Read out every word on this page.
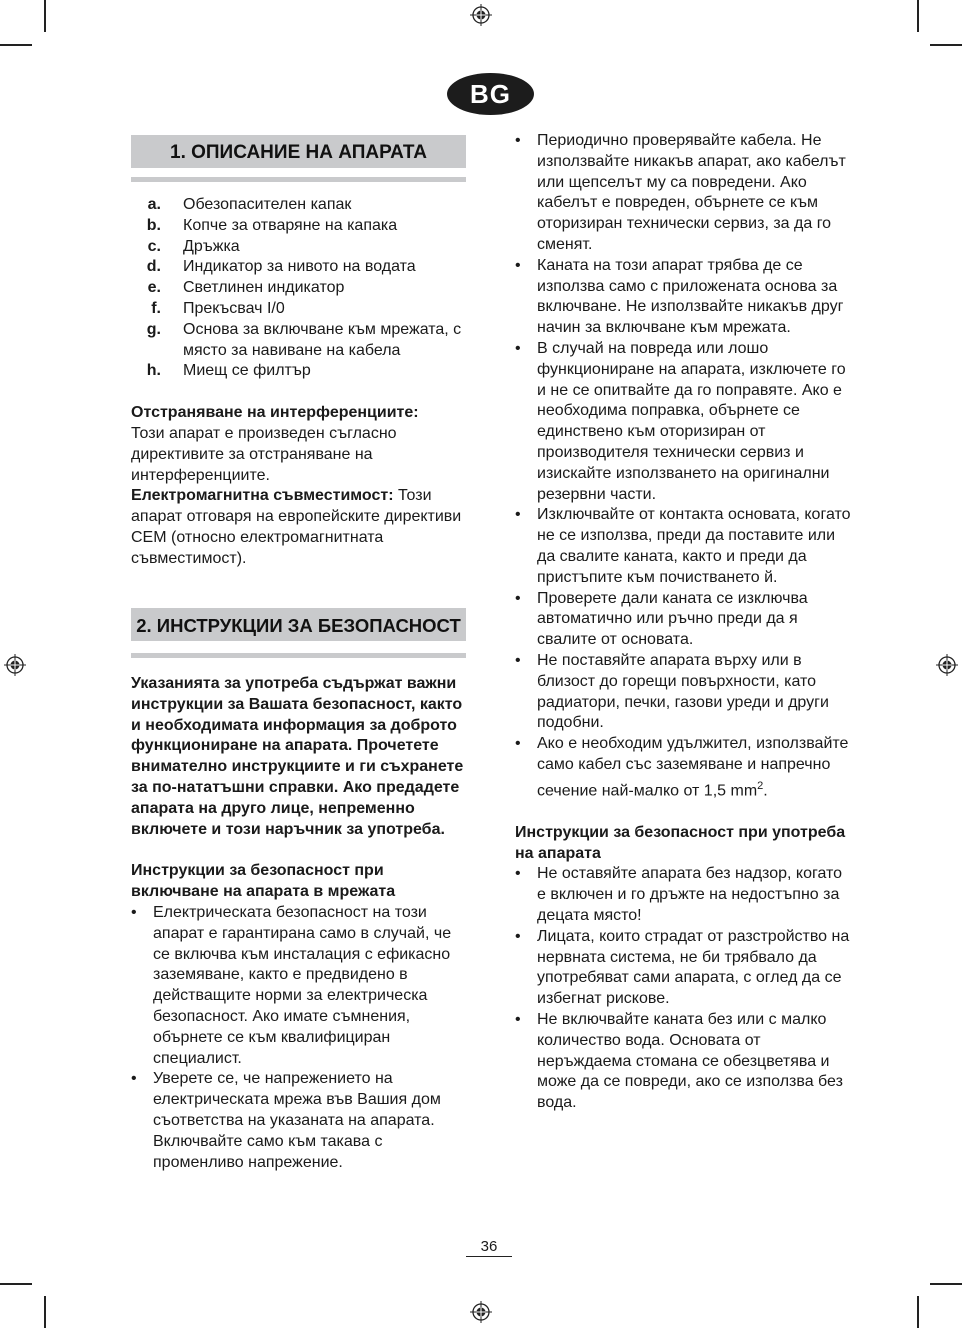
BG
1. ОПИСАНИЕ НА АПАРАТА
a.	Обезопасителен капак
b.	Копче за отваряне на капака
c.	Дръжка
d.	Индикатор за нивото на водата
e.	Светлинен индикатор
f.	Прекъсвач I/0
g.	Основа за включване към мрежата, с място за навиване на кабела
h.	Миещ се филтър

Отстраняване на интерференциите:
Този апарат е произведен съгласно директивите за отстраняване на интерференциите.

Електромагнитна съвместимост: Този апарат отговаря на европейските директиви CEM (относно електромагнитната съвместимост).

2. ИНСТРУКЦИИ ЗА БЕЗОПАСНОСТ

Указанията за употреба съдържат важни инструкции за Вашата безопасност, както и необходимата информация за доброто функциониране на апарата. Прочетете внимателно инструкциите и ги съхранете за по-нататъшни справки. Ако предадете апарата на друго лице, непременно включете и този наръчник за употреба.

Инструкции за безопасност при включване на апарата в мрежата

• Електрическата безопасност на този апарат е гарантирана само в случай, че се включва към инсталация с ефикасно заземяване, както е предвидено в действащите норми за електрическа безопасност. Ако имате съмнения, обърнете се към квалифициран специалист.
• Уверете се, че напрежението на електрическата мрежа във Вашия дом съответства на указаната на апарата. Включвайте само към такава с променливо напрежение.
• Периодично проверявайте кабела. Не използвайте никакъв апарат, ако кабелът или щепселът му са повредени. Ако кабелът е повреден, обърнете се към оторизиран технически сервиз, за да го сменят.
• Каната на този апарат трябва де се използва само с приложената основа за включване. Не използвайте никакъв друг начин за включване към мрежата.
• В случай на повреда или лошо функциониране на апарата, изключете го и не се опитвайте да го поправяте. Ако е необходима поправка, обърнете се единствено към оторизиран от производителя технически сервиз и изискайте използването на оригинални резервни части.
• Изключвайте от контакта основата, когато не се използва, преди да поставите или да свалите каната, както и преди да пристъпите към почистването й.
• Проверете дали каната се изключва автоматично или ръчно преди да я свалите от основата.
• Не поставяйте апарата върху или в близост до горещи повърхности, като радиатори, печки, газови уреди и други подобни.
• Ако е необходим удължител, използвайте само кабел със заземяване и напречно сечение най-малко от 1,5 $mm^2$.

Инструкции за безопасност при употреба на апарата

• Не оставяйте апарата без надзор, когато е включен и го дръжте на недостъпно за децата място!
• Лицата, които страдат от разстройство на нервната система, не би трябвало да употребяват сами апарата, с оглед да се избегнат рискове.
• Не включвайте каната без или с малко количество вода. Основата от неръждаема стомана се обезцветява и може да се повреди, ако се използва без вода.
36
